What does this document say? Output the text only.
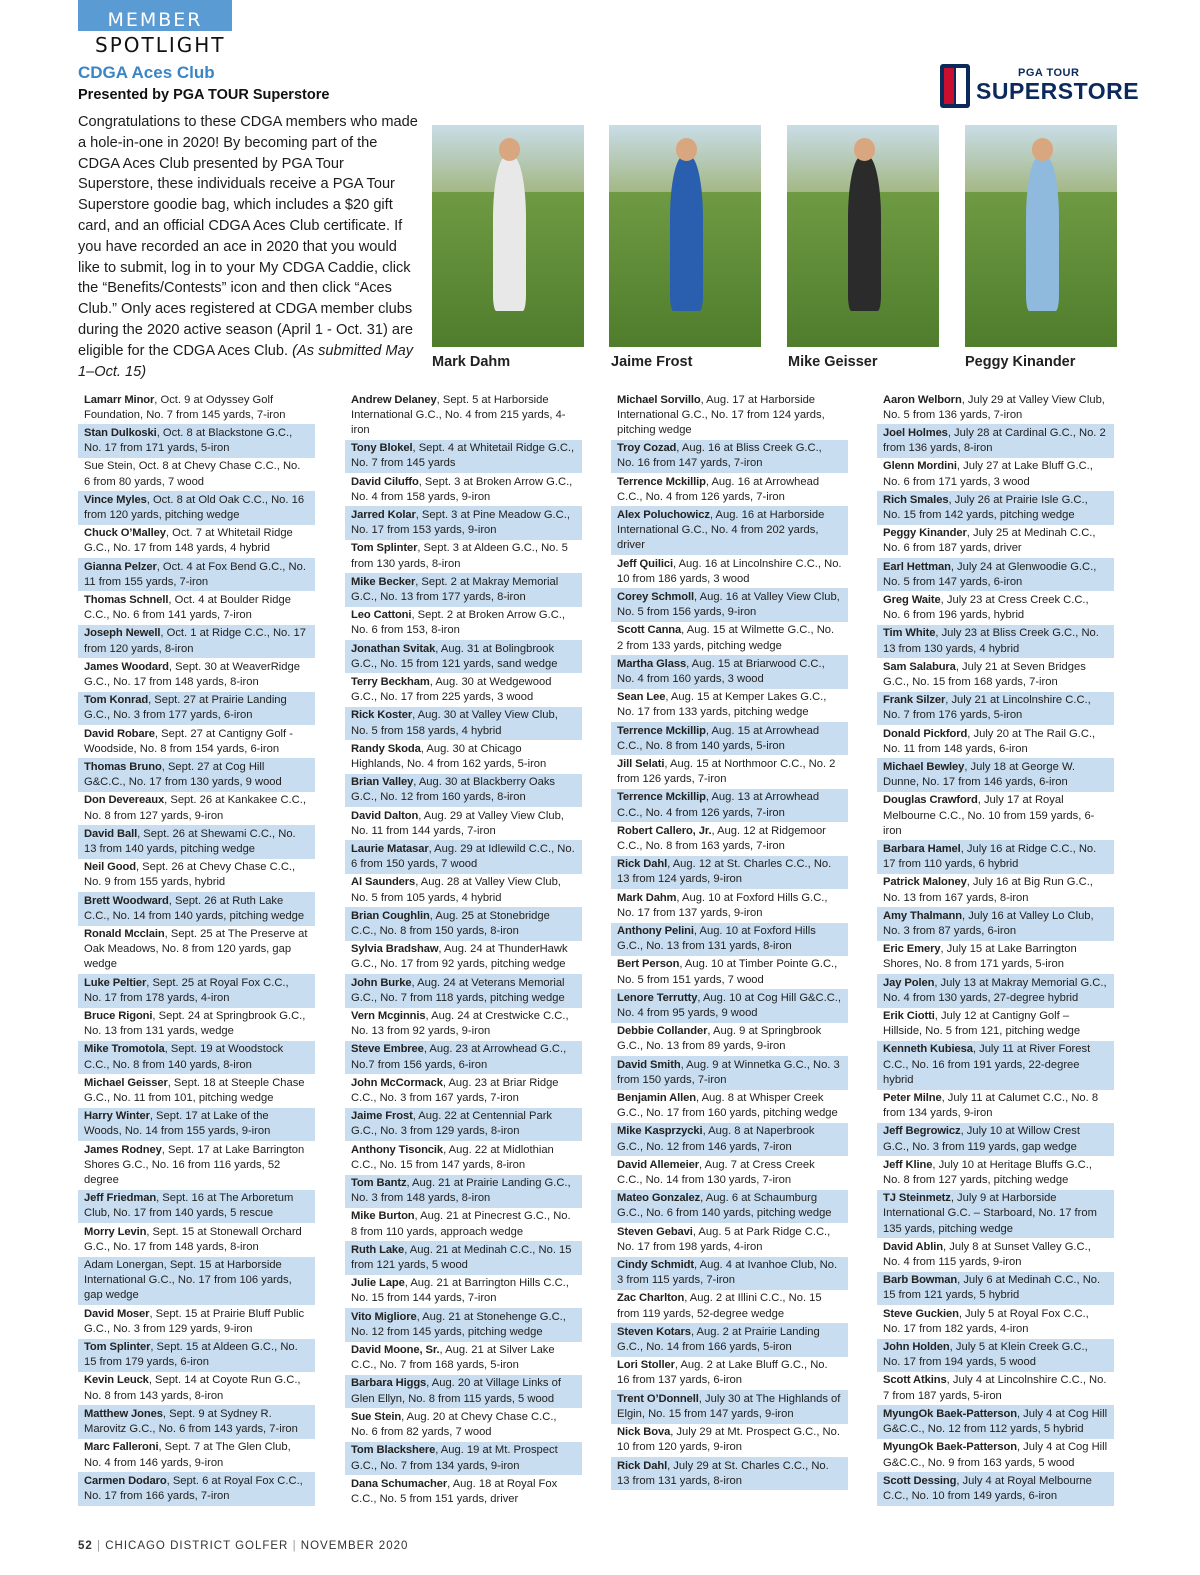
MEMBER
SPOTLIGHT
CDGA Aces Club
Presented by PGA TOUR Superstore
Congratulations to these CDGA members who made a hole-in-one in 2020! By becoming part of the CDGA Aces Club presented by PGA Tour Superstore, these individuals receive a PGA Tour Superstore goodie bag, which includes a $20 gift card, and an official CDGA Aces Club certificate. If you have recorded an ace in 2020 that you would like to submit, log in to your My CDGA Caddie, click the “Benefits/Contests” icon and then click “Aces Club.” Only aces registered at CDGA member clubs during the 2020 active season (April 1 - Oct. 31) are eligible for the CDGA Aces Club. (As submitted May 1–Oct. 15)
PGA TOUR
SUPERSTORE
Mark Dahm	Jaime Frost	Mike Geisser	Peggy Kinander
Lamarr Minor, Oct. 9 at Odyssey Golf Foundation, No. 7 from 145 yards, 7-iron
Stan Dulkoski, Oct. 8 at Blackstone G.C., No. 17 from 171 yards, 5-iron
Sue Stein, Oct. 8 at Chevy Chase C.C., No. 6 from 80 yards, 7 wood
Vince Myles, Oct. 8 at Old Oak C.C., No. 16 from 120 yards, pitching wedge
Chuck O’Malley, Oct. 7 at Whitetail Ridge G.C., No. 17 from 148 yards, 4 hybrid
Gianna Pelzer, Oct. 4 at Fox Bend G.C., No. 11 from 155 yards, 7-iron
Thomas Schnell, Oct. 4 at Boulder Ridge C.C., No. 6 from 141 yards, 7-iron
Joseph Newell, Oct. 1 at Ridge C.C., No. 17 from 120 yards, 8-iron
James Woodard, Sept. 30 at WeaverRidge G.C., No. 17 from 148 yards, 8-iron
Tom Konrad, Sept. 27 at Prairie Landing G.C., No. 3 from 177 yards, 6-iron
David Robare, Sept. 27 at Cantigny Golf - Woodside, No. 8 from 154 yards, 6-iron
Thomas Bruno, Sept. 27 at Cog Hill G&C.C., No. 17 from 130 yards, 9 wood
Don Devereaux, Sept. 26 at Kankakee C.C., No. 8 from 127 yards, 9-iron
David Ball, Sept. 26 at Shewami C.C., No. 13 from 140 yards, pitching wedge
Neil Good, Sept. 26 at Chevy Chase C.C., No. 9 from 155 yards, hybrid
Brett Woodward, Sept. 26 at Ruth Lake C.C., No. 14 from 140 yards, pitching wedge
Ronald Mcclain, Sept. 25 at The Preserve at Oak Meadows, No. 8 from 120 yards, gap wedge
Luke Peltier, Sept. 25 at Royal Fox C.C., No. 17 from 178 yards, 4-iron
Bruce Rigoni, Sept. 24 at Springbrook G.C., No. 13 from 131 yards, wedge
Mike Tromotola, Sept. 19 at Woodstock C.C., No. 8 from 140 yards, 8-iron
Michael Geisser, Sept. 18 at Steeple Chase G.C., No. 11 from 101, pitching wedge
Harry Winter, Sept. 17 at Lake of the Woods, No. 14 from 155 yards, 9-iron
James Rodney, Sept. 17 at Lake Barrington Shores G.C., No. 16 from 116 yards, 52 degree
Jeff Friedman, Sept. 16 at The Arboretum Club, No. 17 from 140 yards, 5 rescue
Morry Levin, Sept. 15 at Stonewall Orchard G.C., No. 17 from 148 yards, 8-iron
Adam Lonergan, Sept. 15 at Harborside International G.C., No. 17 from 106 yards, gap wedge
David Moser, Sept. 15 at Prairie Bluff Public G.C., No. 3 from 129 yards, 9-iron
Tom Splinter, Sept. 15 at Aldeen G.C., No. 15 from 179 yards, 6-iron
Kevin Leuck, Sept. 14 at Coyote Run G.C., No. 8 from 143 yards, 8-iron
Matthew Jones, Sept. 9 at Sydney R. Marovitz G.C., No. 6 from 143 yards, 7-iron
Marc Falleroni, Sept. 7 at The Glen Club, No. 4 from 146 yards, 9-iron
Carmen Dodaro, Sept. 6 at Royal Fox C.C., No. 17 from 166 yards, 7-iron
Andrew Delaney, Sept. 5 at Harborside International G.C., No. 4 from 215 yards, 4-iron
Tony Blokel, Sept. 4 at Whitetail Ridge G.C., No. 7 from 145 yards
David Ciluffo, Sept. 3 at Broken Arrow G.C., No. 4 from 158 yards, 9-iron
Jarred Kolar, Sept. 3 at Pine Meadow G.C., No. 17 from 153 yards, 9-iron
Tom Splinter, Sept. 3 at Aldeen G.C., No. 5 from 130 yards, 8-iron
Mike Becker, Sept. 2 at Makray Memorial G.C., No. 13 from 177 yards, 8-iron
Leo Cattoni, Sept. 2 at Broken Arrow G.C., No. 6 from 153, 8-iron
Jonathan Svitak, Aug. 31 at Bolingbrook G.C., No. 15 from 121 yards, sand wedge
Terry Beckham, Aug. 30 at Wedgewood G.C., No. 17 from 225 yards, 3 wood
Rick Koster, Aug. 30 at Valley View Club, No. 5 from 158 yards, 4 hybrid
Randy Skoda, Aug. 30 at Chicago Highlands, No. 4 from 162 yards, 5-iron
Brian Valley, Aug. 30 at Blackberry Oaks G.C., No. 12 from 160 yards, 8-iron
David Dalton, Aug. 29 at Valley View Club, No. 11 from 144 yards, 7-iron
Laurie Matasar, Aug. 29 at Idlewild C.C., No. 6 from 150 yards, 7 wood
Al Saunders, Aug. 28 at Valley View Club, No. 5 from 105 yards, 4 hybrid
Brian Coughlin, Aug. 25 at Stonebridge C.C., No. 8 from 150 yards, 8-iron
Sylvia Bradshaw, Aug. 24 at ThunderHawk G.C., No. 17 from 92 yards, pitching wedge
John Burke, Aug. 24 at Veterans Memorial G.C., No. 7 from 118 yards, pitching wedge
Vern Mcginnis, Aug. 24 at Crestwicke C.C., No. 13 from 92 yards, 9-iron
Steve Embree, Aug. 23 at Arrowhead G.C., No.7 from 156 yards, 6-iron
John McCormack, Aug. 23 at Briar Ridge C.C., No. 3 from 167 yards, 7-iron
Jaime Frost, Aug. 22 at Centennial Park G.C., No. 3 from 129 yards, 8-iron
Anthony Tisoncik, Aug. 22 at Midlothian C.C., No. 15 from 147 yards, 8-iron
Tom Bantz, Aug. 21 at Prairie Landing G.C., No. 3 from 148 yards, 8-iron
Mike Burton, Aug. 21 at Pinecrest G.C., No. 8 from 110 yards, approach wedge
Ruth Lake, Aug. 21 at Medinah C.C., No. 15 from 121 yards, 5 wood
Julie Lape, Aug. 21 at Barrington Hills C.C., No. 15 from 144 yards, 7-iron
Vito Migliore, Aug. 21 at Stonehenge G.C., No. 12 from 145 yards, pitching wedge
David Moone, Sr., Aug. 21 at Silver Lake C.C., No. 7 from 168 yards, 5-iron
Barbara Higgs, Aug. 20 at Village Links of Glen Ellyn, No. 8 from 115 yards, 5 wood
Sue Stein, Aug. 20 at Chevy Chase C.C., No. 6 from 82 yards, 7 wood
Tom Blackshere, Aug. 19 at Mt. Prospect G.C., No. 7 from 134 yards, 9-iron
Dana Schumacher, Aug. 18 at Royal Fox C.C., No. 5 from 151 yards, driver
Michael Sorvillo, Aug. 17 at Harborside International G.C., No. 17 from 124 yards, pitching wedge
Troy Cozad, Aug. 16 at Bliss Creek G.C., No. 16 from 147 yards, 7-iron
Terrence Mckillip, Aug. 16 at Arrowhead C.C., No. 4 from 126 yards, 7-iron
Alex Poluchowicz, Aug. 16 at Harborside International G.C., No. 4 from 202 yards, driver
Jeff Quilici, Aug. 16 at Lincolnshire C.C., No. 10 from 186 yards, 3 wood
Corey Schmoll, Aug. 16 at Valley View Club, No. 5 from 156 yards, 9-iron
Scott Canna, Aug. 15 at Wilmette G.C., No. 2 from 133 yards, pitching wedge
Martha Glass, Aug. 15 at Briarwood C.C., No. 4 from 160 yards, 3 wood
Sean Lee, Aug. 15 at Kemper Lakes G.C., No. 17 from 133 yards, pitching wedge
Terrence Mckillip, Aug. 15 at Arrowhead C.C., No. 8 from 140 yards, 5-iron
Jill Selati, Aug. 15 at Northmoor C.C., No. 2 from 126 yards, 7-iron
Terrence Mckillip, Aug. 13 at Arrowhead C.C., No. 4 from 126 yards, 7-iron
Robert Callero, Jr., Aug. 12 at Ridgemoor C.C., No. 8 from 163 yards, 7-iron
Rick Dahl, Aug. 12 at St. Charles C.C., No. 13 from 124 yards, 9-iron
Mark Dahm, Aug. 10 at Foxford Hills G.C., No. 17 from 137 yards, 9-iron
Anthony Pelini, Aug. 10 at Foxford Hills G.C., No. 13 from 131 yards, 8-iron
Bert Person, Aug. 10 at Timber Pointe G.C., No. 5 from 151 yards, 7 wood
Lenore Terrutty, Aug. 10 at Cog Hill G&C.C., No. 4 from 95 yards, 9 wood
Debbie Collander, Aug. 9 at Springbrook G.C., No. 13 from 89 yards, 9-iron
David Smith, Aug. 9 at Winnetka G.C., No. 3 from 150 yards, 7-iron
Benjamin Allen, Aug. 8 at Whisper Creek G.C., No. 17 from 160 yards, pitching wedge
Mike Kasprzycki, Aug. 8 at Naperbrook G.C., No. 12 from 146 yards, 7-iron
David Allemeier, Aug. 7 at Cress Creek C.C., No. 14 from 130 yards, 7-iron
Mateo Gonzalez, Aug. 6 at Schaumburg G.C., No. 6 from 140 yards, pitching wedge
Steven Gebavi, Aug. 5 at Park Ridge C.C., No. 17 from 198 yards, 4-iron
Cindy Schmidt, Aug. 4 at Ivanhoe Club, No. 3 from 115 yards, 7-iron
Zac Charlton, Aug. 2 at Illini C.C., No. 15 from 119 yards, 52-degree wedge
Steven Kotars, Aug. 2 at Prairie Landing G.C., No. 14 from 166 yards, 5-iron
Lori Stoller, Aug. 2 at Lake Bluff G.C., No. 16 from 137 yards, 6-iron
Trent O’Donnell, July 30 at The Highlands of Elgin, No. 15 from 147 yards, 9-iron
Nick Bova, July 29 at Mt. Prospect G.C., No. 10 from 120 yards, 9-iron
Rick Dahl, July 29 at St. Charles C.C., No. 13 from 131 yards, 8-iron
Aaron Welborn, July 29 at Valley View Club, No. 5 from 136 yards, 7-iron
Joel Holmes, July 28 at Cardinal G.C., No. 2 from 136 yards, 8-iron
Glenn Mordini, July 27 at Lake Bluff G.C., No. 6 from 171 yards, 3 wood
Rich Smales, July 26 at Prairie Isle G.C., No. 15 from 142 yards, pitching wedge
Peggy Kinander, July 25 at Medinah C.C., No. 6 from 187 yards, driver
Earl Hettman, July 24 at Glenwoodie G.C., No. 5 from 147 yards, 6-iron
Greg Waite, July 23 at Cress Creek C.C., No. 6 from 196 yards, hybrid
Tim White, July 23 at Bliss Creek G.C., No. 13 from 130 yards, 4 hybrid
Sam Salabura, July 21 at Seven Bridges G.C., No. 15 from 168 yards, 7-iron
Frank Silzer, July 21 at Lincolnshire C.C., No. 7 from 176 yards, 5-iron
Donald Pickford, July 20 at The Rail G.C., No. 11 from 148 yards, 6-iron
Michael Bewley, July 18 at George W. Dunne, No. 17 from 146 yards, 6-iron
Douglas Crawford, July 17 at Royal Melbourne C.C., No. 10 from 159 yards, 6-iron
Barbara Hamel, July 16 at Ridge C.C., No. 17 from 110 yards, 6 hybrid
Patrick Maloney, July 16 at Big Run G.C., No. 13 from 167 yards, 8-iron
Amy Thalmann, July 16 at Valley Lo Club, No. 3 from 87 yards, 6-iron
Eric Emery, July 15 at Lake Barrington Shores, No. 8 from 171 yards, 5-iron
Jay Polen, July 13 at Makray Memorial G.C., No. 4 from 130 yards, 27-degree hybrid
Erik Ciotti, July 12 at Cantigny Golf – Hillside, No. 5 from 121, pitching wedge
Kenneth Kubiesa, July 11 at River Forest C.C., No. 16 from 191 yards, 22-degree hybrid
Peter Milne, July 11 at Calumet C.C., No. 8 from 134 yards, 9-iron
Jeff Begrowicz, July 10 at Willow Crest G.C., No. 3 from 119 yards, gap wedge
Jeff Kline, July 10 at Heritage Bluffs G.C., No. 8 from 127 yards, pitching wedge
TJ Steinmetz, July 9 at Harborside International G.C. – Starboard, No. 17 from 135 yards, pitching wedge
David Ablin, July 8 at Sunset Valley G.C., No. 4 from 115 yards, 9-iron
Barb Bowman, July 6 at Medinah C.C., No. 15 from 121 yards, 5 hybrid
Steve Guckien, July 5 at Royal Fox C.C., No. 17 from 182 yards, 4-iron
John Holden, July 5 at Klein Creek G.C., No. 17 from 194 yards, 5 wood
Scott Atkins, July 4 at Lincolnshire C.C., No. 7 from 187 yards, 5-iron
MyungOk Baek-Patterson, July 4 at Cog Hill G&C.C., No. 12 from 112 yards, 5 hybrid
MyungOk Baek-Patterson, July 4 at Cog Hill G&C.C., No. 9 from 163 yards, 5 wood
Scott Dessing, July 4 at Royal Melbourne C.C., No. 10 from 149 yards, 6-iron
52 | CHICAGO DISTRICT GOLFER | NOVEMBER 2020
